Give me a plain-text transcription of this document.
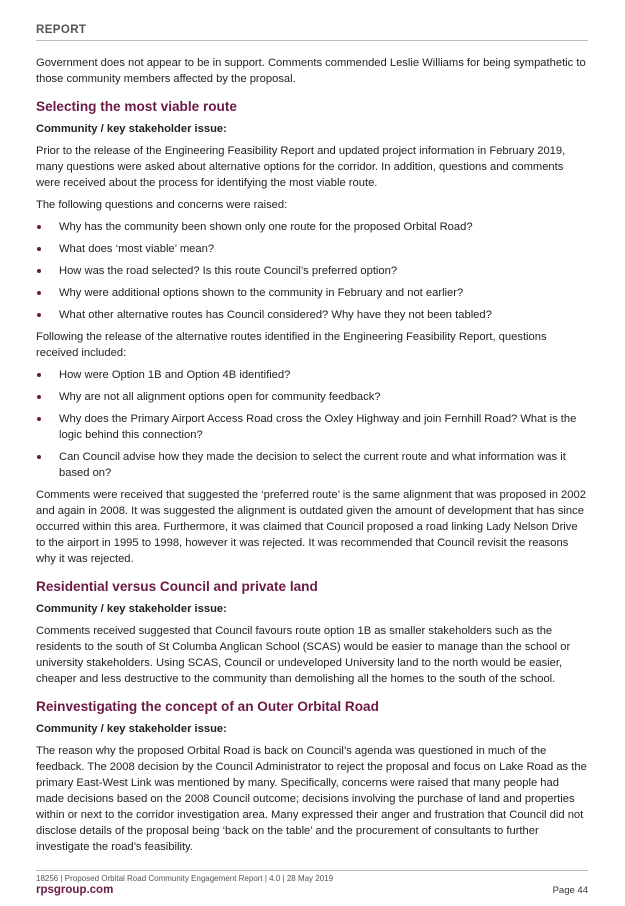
REPORT

Government does not appear to be in support. Comments commended Leslie Williams for being sympathetic to those community members affected by the proposal.

Selecting the most viable route

Community / key stakeholder issue:

Prior to the release of the Engineering Feasibility Report and updated project information in February 2019, many questions were asked about alternative options for the corridor. In addition, questions and comments were received about the process for identifying the most viable route.

The following questions and concerns were raised:

Why has the community been shown only one route for the proposed Orbital Road?
What does ‘most viable’ mean?
How was the road selected? Is this route Council’s preferred option?
Why were additional options shown to the community in February and not earlier?
What other alternative routes has Council considered? Why have they not been tabled?

Following the release of the alternative routes identified in the Engineering Feasibility Report, questions received included:

How were Option 1B and Option 4B identified?
Why are not all alignment options open for community feedback?
Why does the Primary Airport Access Road cross the Oxley Highway and join Fernhill Road? What is the logic behind this connection?
Can Council advise how they made the decision to select the current route and what information was it based on?

Comments were received that suggested the ‘preferred route’ is the same alignment that was proposed in 2002 and again in 2008. It was suggested the alignment is outdated given the amount of development that has since occurred within this area. Furthermore, it was claimed that Council proposed a road linking Lady Nelson Drive to the airport in 1995 to 1998, however it was rejected. It was recommended that Council revisit the reasons why it was rejected.

Residential versus Council and private land

Community / key stakeholder issue:

Comments received suggested that Council favours route option 1B as smaller stakeholders such as the residents to the south of St Columba Anglican School (SCAS) would be easier to manage than the school or university stakeholders. Using SCAS, Council or undeveloped University land to the north would be easier, cheaper and less destructive to the community than demolishing all the homes to the south of the school.

Reinvestigating the concept of an Outer Orbital Road

Community / key stakeholder issue:

The reason why the proposed Orbital Road is back on Council’s agenda was questioned in much of the feedback. The 2008 decision by the Council Administrator to reject the proposal and focus on Lake Road as the primary East-West Link was mentioned by many. Specifically, concerns were raised that many people had made decisions based on the 2008 Council outcome; decisions involving the purchase of land and properties within or next to the corridor investigation area. Many expressed their anger and frustration that Council did not disclose details of the proposal being ‘back on the table’ and the procurement of consultants to further investigate the road’s feasibility.

18256 | Proposed Orbital Road Community Engagement Report | 4.0 | 28 May 2019
rpsgroup.com	Page 44
